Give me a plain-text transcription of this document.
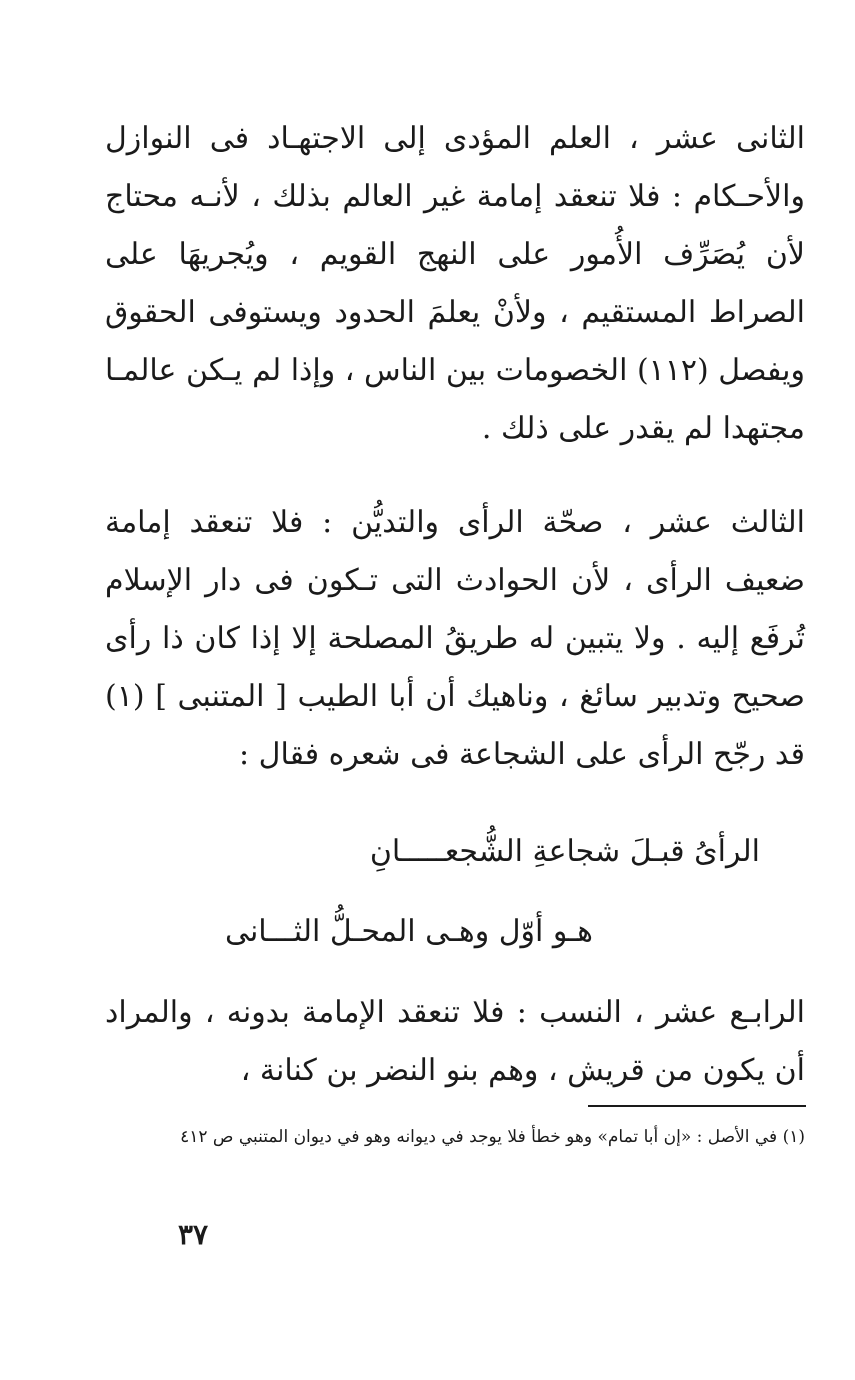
الثانى عشر ، العلم المؤدى إلى الاجتهـاد فى النوازل والأحـكام : فلا تنعقد إمامة غير العالم بذلك ، لأنـه محتاج لأن يُصَرِّف الأُمور على النهج القويم ، ويُجريهَا على الصراط المستقيم ، ولأنْ يعلمَ الحدود ويستوفى الحقوق ويفصل (١١٢) الخصومات بين الناس ، وإذا لم يـكن عالمـا مجتهدا لم يقدر على ذلك .

الثالث عشر ، صحّة الرأى والتديُّن : فلا تنعقد إمامة ضعيف الرأى ، لأن الحوادث التى تـكون فى دار الإسلام تُرفَع إليه . ولا يتبين له طريقُ المصلحة إلا إذا كان ذا رأى صحيح وتدبير سائغ ، وناهيك أن أبا الطيب [ المتنبى ] (١) قد رجّح الرأى على الشجاعة فى شعره فقال :

الرأىُ قبـلَ شجاعةِ الشُّجعـــــانِ

هـو أوّل وهـى المحـلُّ الثـــانى

الرابـع عشر ، النسب : فلا تنعقد الإمامة بدونه ، والمراد أن يكون من قريش ، وهم بنو النضر بن كنانة ،

(١) في الأصل : «إن أبا تمام» وهو خطأ فلا يوجد في ديوانه وهو في ديوان المتنبي ص ٤١٢

٣٧
